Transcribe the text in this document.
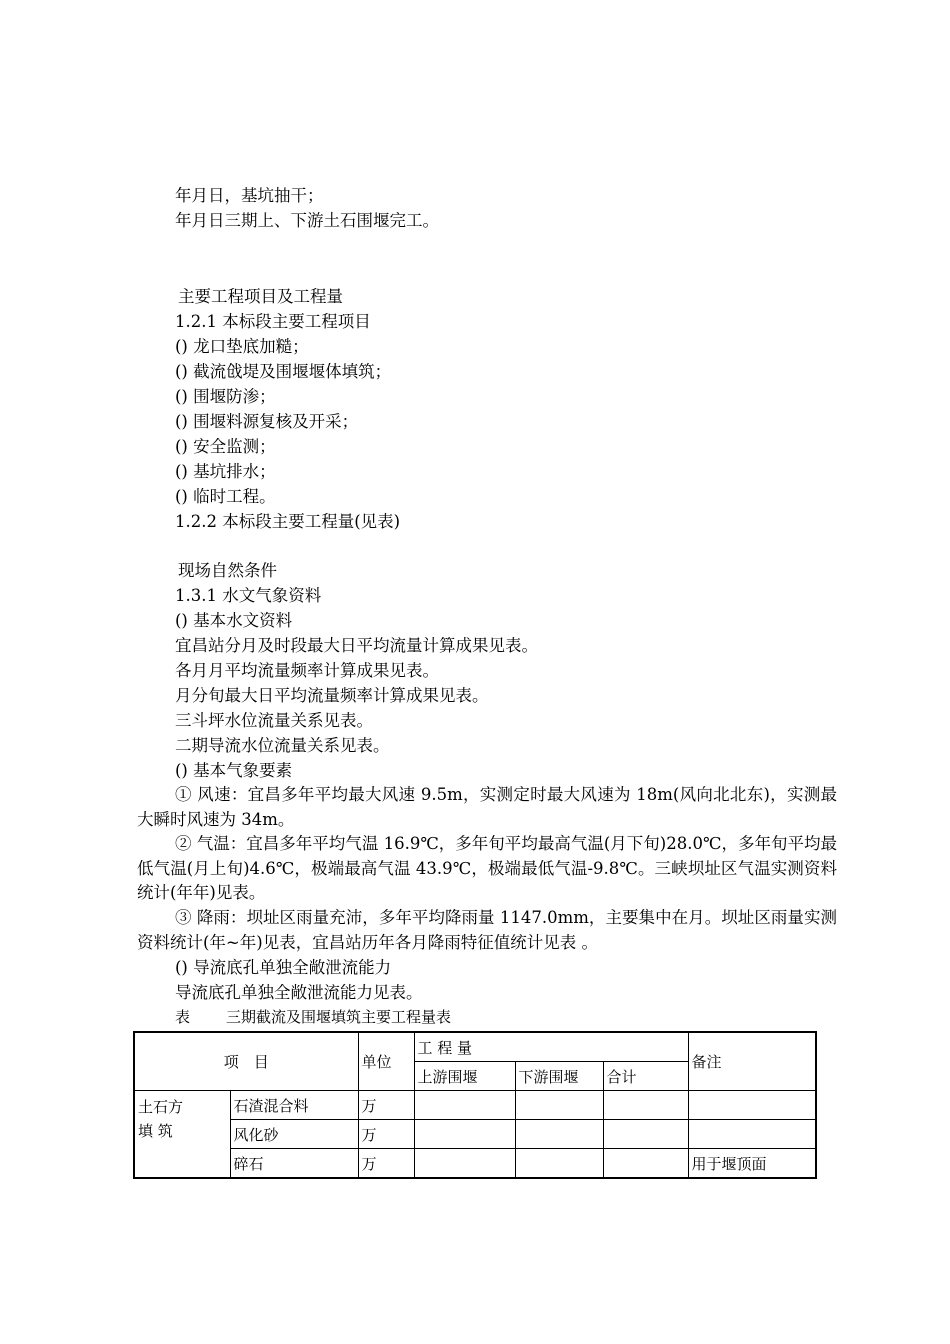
年月日，基坑抽干；
年月日三期上、下游土石围堰完工。
主要工程项目及工程量
1.2.1 本标段主要工程项目
() 龙口垫底加糙；
() 截流戗堤及围堰堰体填筑；
() 围堰防渗；
() 围堰料源复核及开采；
() 安全监测；
() 基坑排水；
() 临时工程。
1.2.2 本标段主要工程量(见表)
现场自然条件
1.3.1 水文气象资料
() 基本水文资料
宜昌站分月及时段最大日平均流量计算成果见表。
各月月平均流量频率计算成果见表。
月分旬最大日平均流量频率计算成果见表。
三斗坪水位流量关系见表。
二期导流水位流量关系见表。
() 基本气象要素
① 风速：宜昌多年平均最大风速 9.5m，实测定时最大风速为 18m(风向北北东)，实测最大瞬时风速为 34m。
② 气温：宜昌多年平均气温 16.9℃，多年旬平均最高气温(月下旬)28.0℃，多年旬平均最低气温(月上旬)4.6℃，极端最高气温 43.9℃，极端最低气温-9.8℃。三峡坝址区气温实测资料统计(年年)见表。
③ 降雨：坝址区雨量充沛，多年平均降雨量 1147.0mm，主要集中在月。坝址区雨量实测资料统计(年~年)见表，宜昌站历年各月降雨特征值统计见表 。
() 导流底孔单独全敞泄流能力
导流底孔单独全敞泄流能力见表。
表 三期截流及围堰填筑主要工程量表
项　目		单位	工 程 量			备注
			上游围堰	下游围堰	合计	
土石方
填 筑	石渣混合料	万				
	风化砂	万				
	碎石	万				用于堰顶面
